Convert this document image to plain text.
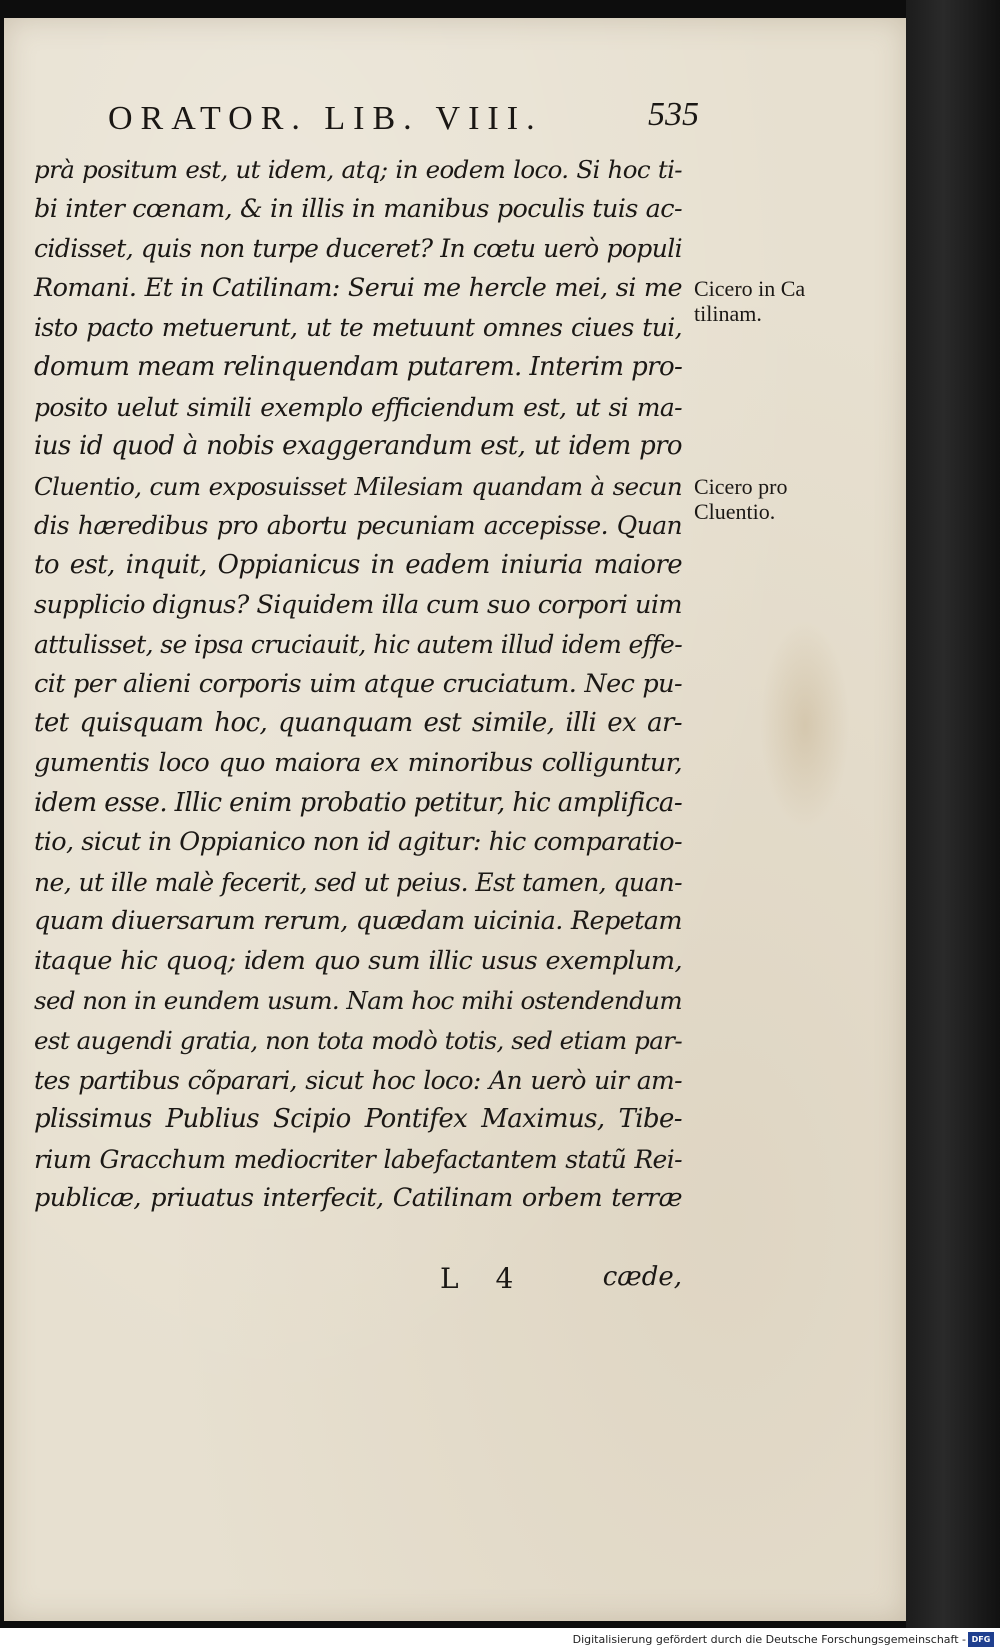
ORATOR. LIB. VIII.	535
prà positum est, ut idem, atq; in eodem loco. Si hoc ti-
bi inter cœnam, & in illis in manibus poculis tuis ac-
cidisset, quis non turpe duceret? In cœtu uerò populi
Romani. Et in Catilinam: Serui me hercle mei, si me
isto pacto metuerunt, ut te metuunt omnes ciues tui,
domum meam relinquendam putarem. Interim pro-
posito uelut simili exemplo efficiendum est, ut si ma-
ius id quod à nobis exaggerandum est, ut idem pro
Cluentio, cum exposuisset Milesiam quandam à secun
dis hæredibus pro abortu pecuniam accepisse. Quan
to est, inquit, Oppianicus in eadem iniuria maiore
supplicio dignus? Siquidem illa cum suo corpori uim
attulisset, se ipsa cruciauit, hic autem illud idem effe-
cit per alieni corporis uim atque cruciatum. Nec pu-
tet quisquam hoc, quanquam est simile, illi ex ar-
gumentis loco quo maiora ex minoribus colliguntur,
idem esse. Illic enim probatio petitur, hic amplifica-
tio, sicut in Oppianico non id agitur: hic comparatio-
ne, ut ille malè fecerit, sed ut peius. Est tamen, quan-
quam diuersarum rerum, quædam uicinia. Repetam
itaque hic quoq; idem quo sum illic usus exemplum,
sed non in eundem usum. Nam hoc mihi ostendendum
est augendi gratia, non tota modò totis, sed etiam par-
tes partibus cõparari, sicut hoc loco: An uerò uir am-
plissimus Publius Scipio Pontifex Maximus, Tibe-
rium Gracchum mediocriter labefactantem statũ Rei-
publicæ, priuatus interfecit, Catilinam orbem terræ
L 4	cæde,
Cicero in Ca
tilinam.
Cicero pro
Cluentio.
Digitalisierung gefördert durch die Deutsche Forschungsgemeinschaft - DFG
